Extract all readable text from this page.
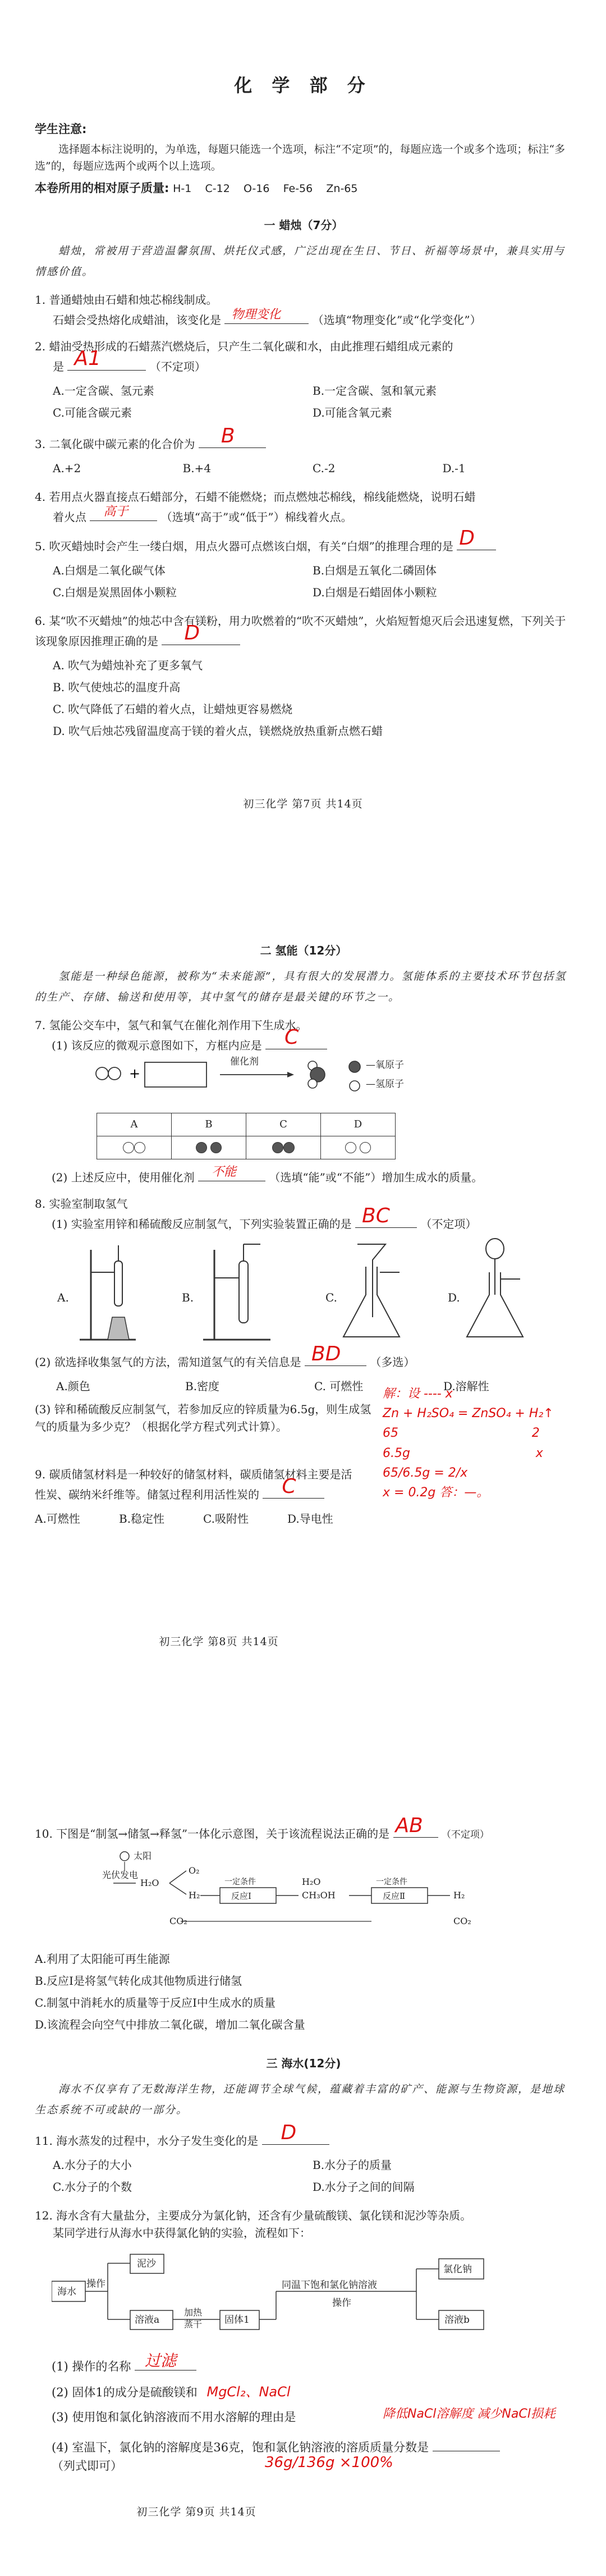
化 学 部 分
学生注意:
选择题本标注说明的，为单选，每题只能选一个选项，标注“不定项”的，每题应选一个或多个选项；标注“多选”的，每题应选两个或两个以上选项。
本卷所用的相对原子质量: H-1    C-12    O-16    Fe-56    Zn-65
一 蜡烛（7分）
蜡烛，常被用于营造温馨氛围、烘托仪式感，广泛出现在生日、节日、祈福等场景中，兼具实用与情感价值。
1. 普通蜡烛由石蜡和烛芯棉线制成。
石蜡会受热熔化成蜡油，该变化是 物理变化	（选填“物理变化”或“化学变化”）
2. 蜡油受热形成的石蜡蒸汽燃烧后，只产生二氧化碳和水，由此推理石蜡组成元素的
是 A1	（不定项）
A.一定含碳、氢元素	B.一定含碳、氢和氧元素
C.可能含碳元素	D.可能含氧元素
3. 二氧化碳中碳元素的化合价为 B
A.+2	B.+4	C.-2	D.-1
4. 若用点火器直接点石蜡部分，石蜡不能燃烧；而点燃烛芯棉线，棉线能燃烧，说明石蜡
着火点 高于	（选填“高于”或“低于”）棉线着火点。
5. 吹灭蜡烛时会产生一缕白烟，用点火器可点燃该白烟，有关“白烟”的推理合理的是 D
A.白烟是二氧化碳气体	B.白烟是五氧化二磷固体
C.白烟是炭黑固体小颗粒	D.白烟是石蜡固体小颗粒
6. 某“吹不灭蜡烛”的烛芯中含有镁粉，用力吹燃着的“吹不灭蜡烛”，火焰短暂熄灭后会迅速复燃，下列关于该现象原因推理正确的是 D
A. 吹气为蜡烛补充了更多氧气
B. 吹气使烛芯的温度升高
C. 吹气降低了石蜡的着火点，让蜡烛更容易燃烧
D. 吹气后烛芯残留温度高于镁的着火点，镁燃烧放热重新点燃石蜡
初三化学 第7页 共14页
二 氢能（12分）
氢能是一种绿色能源，被称为“未来能源”，具有很大的发展潜力。氢能体系的主要技术环节包括氢的生产、存储、输送和使用等，其中氢气的储存是最关键的环节之一。
7. 氢能公交车中，氢气和氧气在催化剂作用下生成水。
(1) 该反应的微观示意图如下，方框内应是 C
+
催化剂	—氧原子
—氢原子
A	B	C	D

(2) 上述反应中，使用催化剂 不能	（选填“能”或“不能”）增加生成水的质量。
8. 实验室制取氢气
(1) 实验室用锌和稀硫酸反应制氢气，下列实验装置正确的是 BC	（不定项）
A.	B.	C.	D.
(2) 欲选择收集氢气的方法，需知道氢气的有关信息是 BD	（多选）
A.颜色	B.密度	C. 可燃性	D.溶解性
(3) 锌和稀硫酸反应制氢气，若参加反应的锌质量为6.5g，则生成氢气的质量为多少克？（根据化学方程式列式计算）。
解：设 ---- x
Zn + H₂SO₄ = ZnSO₄ + H₂↑
65                                  2
6.5g                                x
65/6.5g = 2/x
x = 0.2g 答：—。
9. 碳质储氢材料是一种较好的储氢材料，碳质储氢材料主要是活性炭、碳纳米纤维等。储氢过程利用活性炭的 C
A.可燃性	B.稳定性	C.吸附性	D.导电性
初三化学 第8页 共14页
10. 下图是“制氢→储氢→释氢”一体化示意图，关于该流程说法正确的是 AB （不定项）
太阳
光伏发电
H₂O
O₂
H₂
CO₂
一定条件
反应Ⅰ	CH₃OH
H₂O	一定条件
反应Ⅱ	H₂
CO₂
A.利用了太阳能可再生能源
B.反应Ⅰ是将氢气转化成其他物质进行储氢
C.制氢中消耗水的质量等于反应Ⅰ中生成水的质量
D.该流程会向空气中排放二氧化碳，增加二氧化碳含量
三 海水(12分)
海水不仅享有了无数海洋生物，还能调节全球气候，蕴藏着丰富的矿产、能源与生物资源，是地球生态系统不可或缺的一部分。
11. 海水蒸发的过程中，水分子发生变化的是 D
A.水分子的大小	B.水分子的质量
C.水分子的个数	D.水分子之间的间隔
12. 海水含有大量盐分，主要成分为氯化钠，还含有少量硫酸镁、氯化镁和泥沙等杂质。
某同学进行从海水中获得氯化钠的实验，流程如下：
海水
操作
泥沙
溶液a
加热蒸干	固体1
同温下饱和氯化钠溶液
操作
氯化钠
溶液b
(1) 操作的名称 过滤
(2) 固体1的成分是硫酸镁和 MgCl₂、NaCl
(3) 使用饱和氯化钠溶液而不用水溶解的理由是	降低NaCl溶解度 减少NaCl损耗
(4) 室温下，氯化钠的溶解度是36克，饱和氯化钠溶液的溶质质量分数是
（列式即可）	36g/136g ×100%
初三化学 第9页 共14页
